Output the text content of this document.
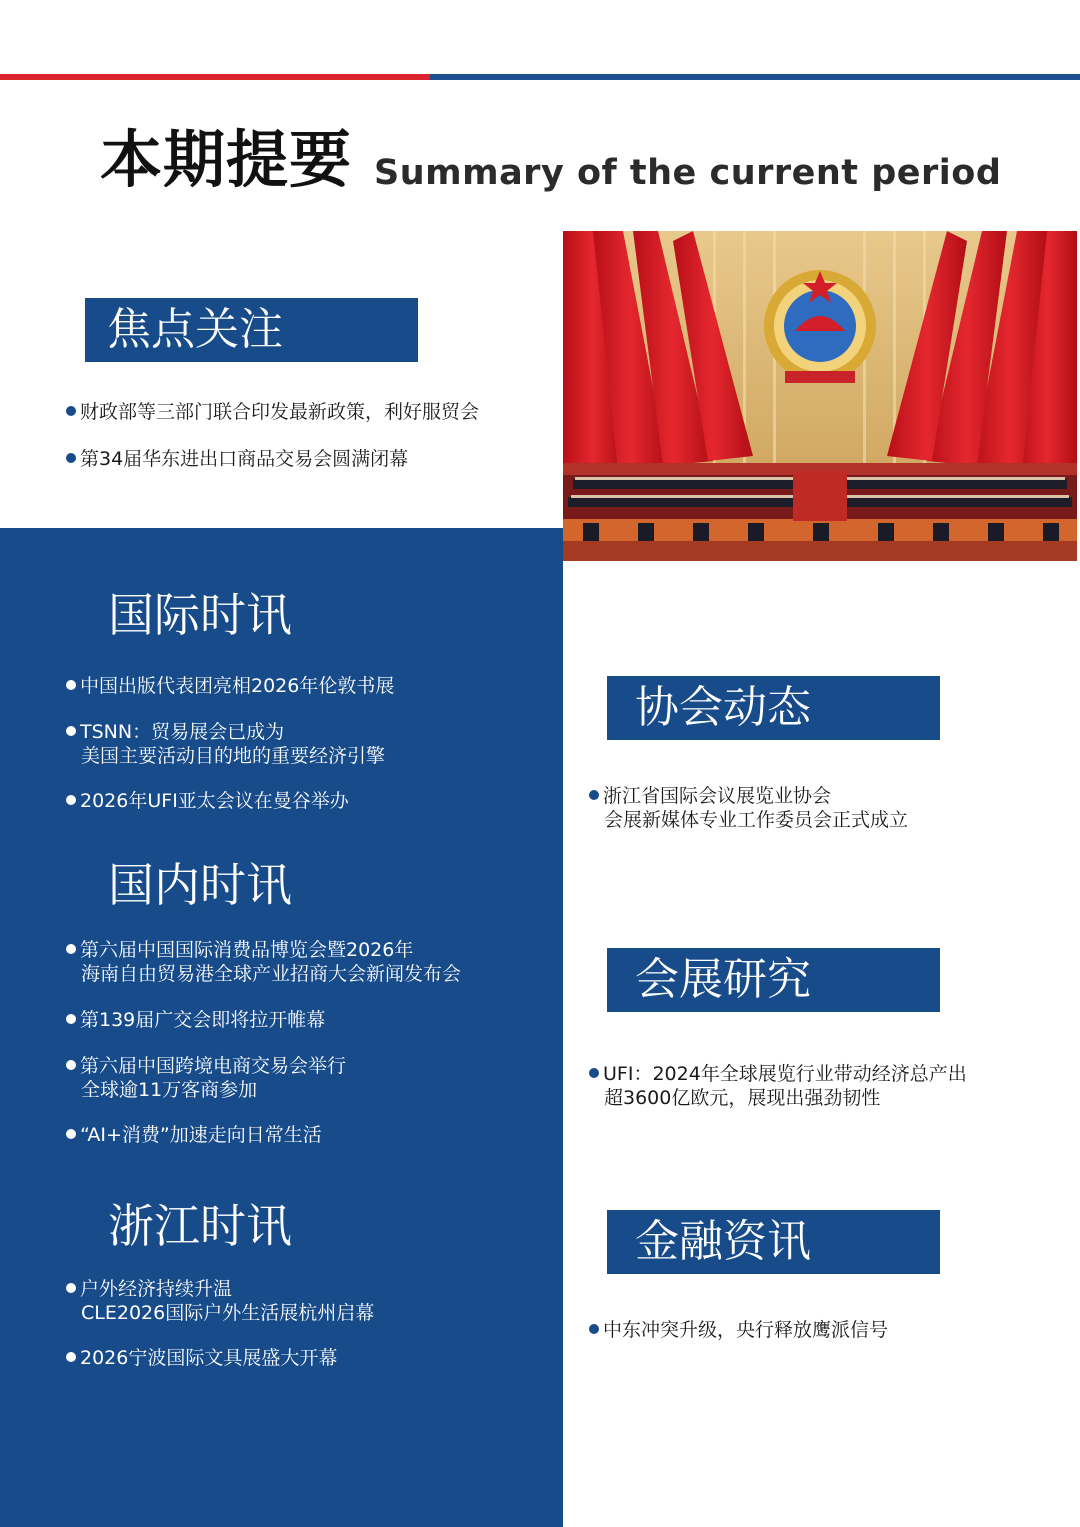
本期提要 Summary of the current period
焦点关注
财政部等三部门联合印发最新政策，利好服贸会
第34届华东进出口商品交易会圆满闭幕
国际时讯
中国出版代表团亮相2026年伦敦书展
TSNN：贸易展会已成为
美国主要活动目的地的重要经济引擎
2026年UFI亚太会议在曼谷举办
国内时讯
第六届中国国际消费品博览会暨2026年
海南自由贸易港全球产业招商大会新闻发布会
第139届广交会即将拉开帷幕
第六届中国跨境电商交易会举行
全球逾11万客商参加
“AI+消费”加速走向日常生活
浙江时讯
户外经济持续升温
CLE2026国际户外生活展杭州启幕
2026宁波国际文具展盛大开幕
协会动态
浙江省国际会议展览业协会
会展新媒体专业工作委员会正式成立
会展研究
UFI：2024年全球展览行业带动经济总产出
超3600亿欧元，展现出强劲韧性
金融资讯
中东冲突升级，央行释放鹰派信号
